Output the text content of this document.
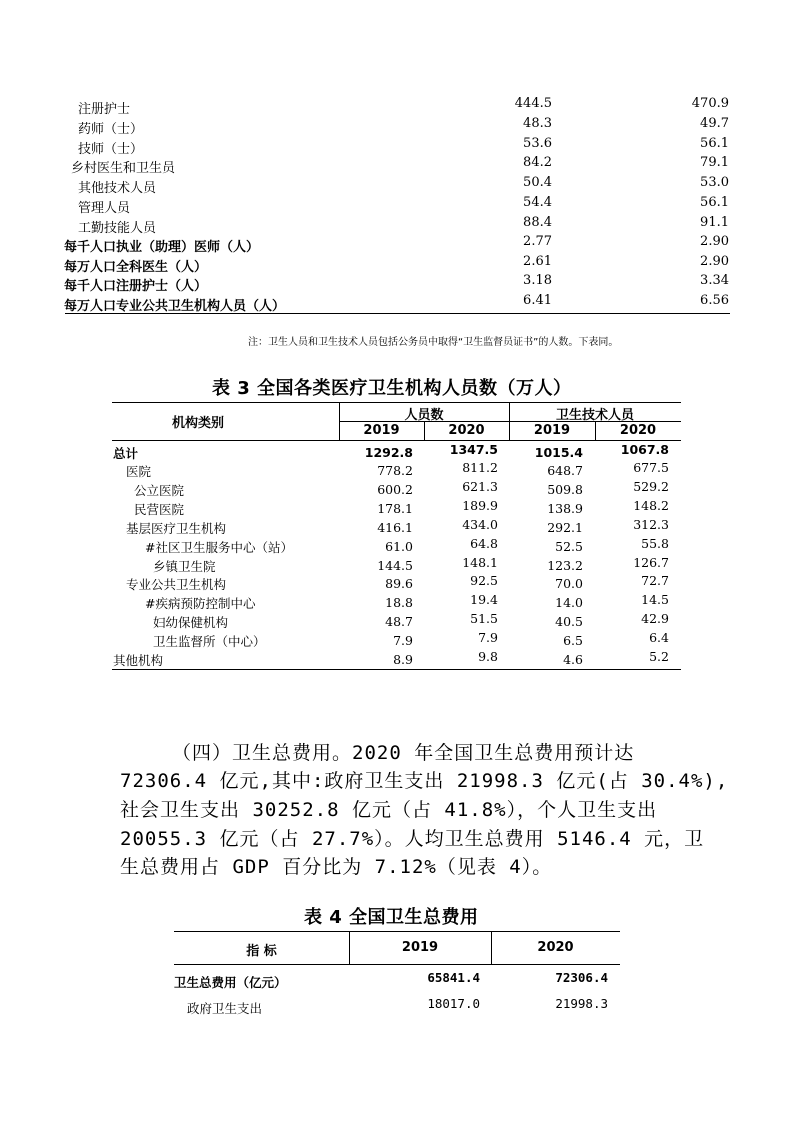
注册护士	444.5	470.9
药师（士）	48.3	49.7
技师（士）	53.6	56.1
乡村医生和卫生员	84.2	79.1
其他技术人员	50.4	53.0
管理人员	54.4	56.1
工勤技能人员	88.4	91.1
每千人口执业（助理）医师（人）	2.77	2.90
每万人口全科医生（人）	2.61	2.90
每千人口注册护士（人）	3.18	3.34
每万人口专业公共卫生机构人员（人）	6.41	6.56
注：卫生人员和卫生技术人员包括公务员中取得“卫生监督员证书”的人数。下表同。
表 3 全国各类医疗卫生机构人员数（万人）
机构类别
人员数	卫生技术人员
2019	2020	2019	2020
总计	1292.8	1347.5	1015.4	1067.8
医院	778.2	811.2	648.7	677.5
公立医院	600.2	621.3	509.8	529.2
民营医院	178.1	189.9	138.9	148.2
基层医疗卫生机构	416.1	434.0	292.1	312.3
#社区卫生服务中心（站）	61.0	64.8	52.5	55.8
乡镇卫生院	144.5	148.1	123.2	126.7
专业公共卫生机构	89.6	92.5	70.0	72.7
#疾病预防控制中心	18.8	19.4	14.0	14.5
妇幼保健机构	48.7	51.5	40.5	42.9
卫生监督所（中心）	7.9	7.9	6.5	6.4
其他机构	8.9	9.8	4.6	5.2
（四）卫生总费用。2020 年全国卫生总费用预计达
72306.4 亿元,其中:政府卫生支出 21998.3 亿元(占 30.4%),
社会卫生支出 30252.8 亿元（占 41.8%），个人卫生支出
20055.3 亿元（占 27.7%）。人均卫生总费用 5146.4 元，卫
生总费用占 GDP 百分比为 7.12%（见表 4）。
表 4 全国卫生总费用
指 标	2019	2020
卫生总费用（亿元）	65841.4	72306.4
政府卫生支出	18017.0	21998.3
